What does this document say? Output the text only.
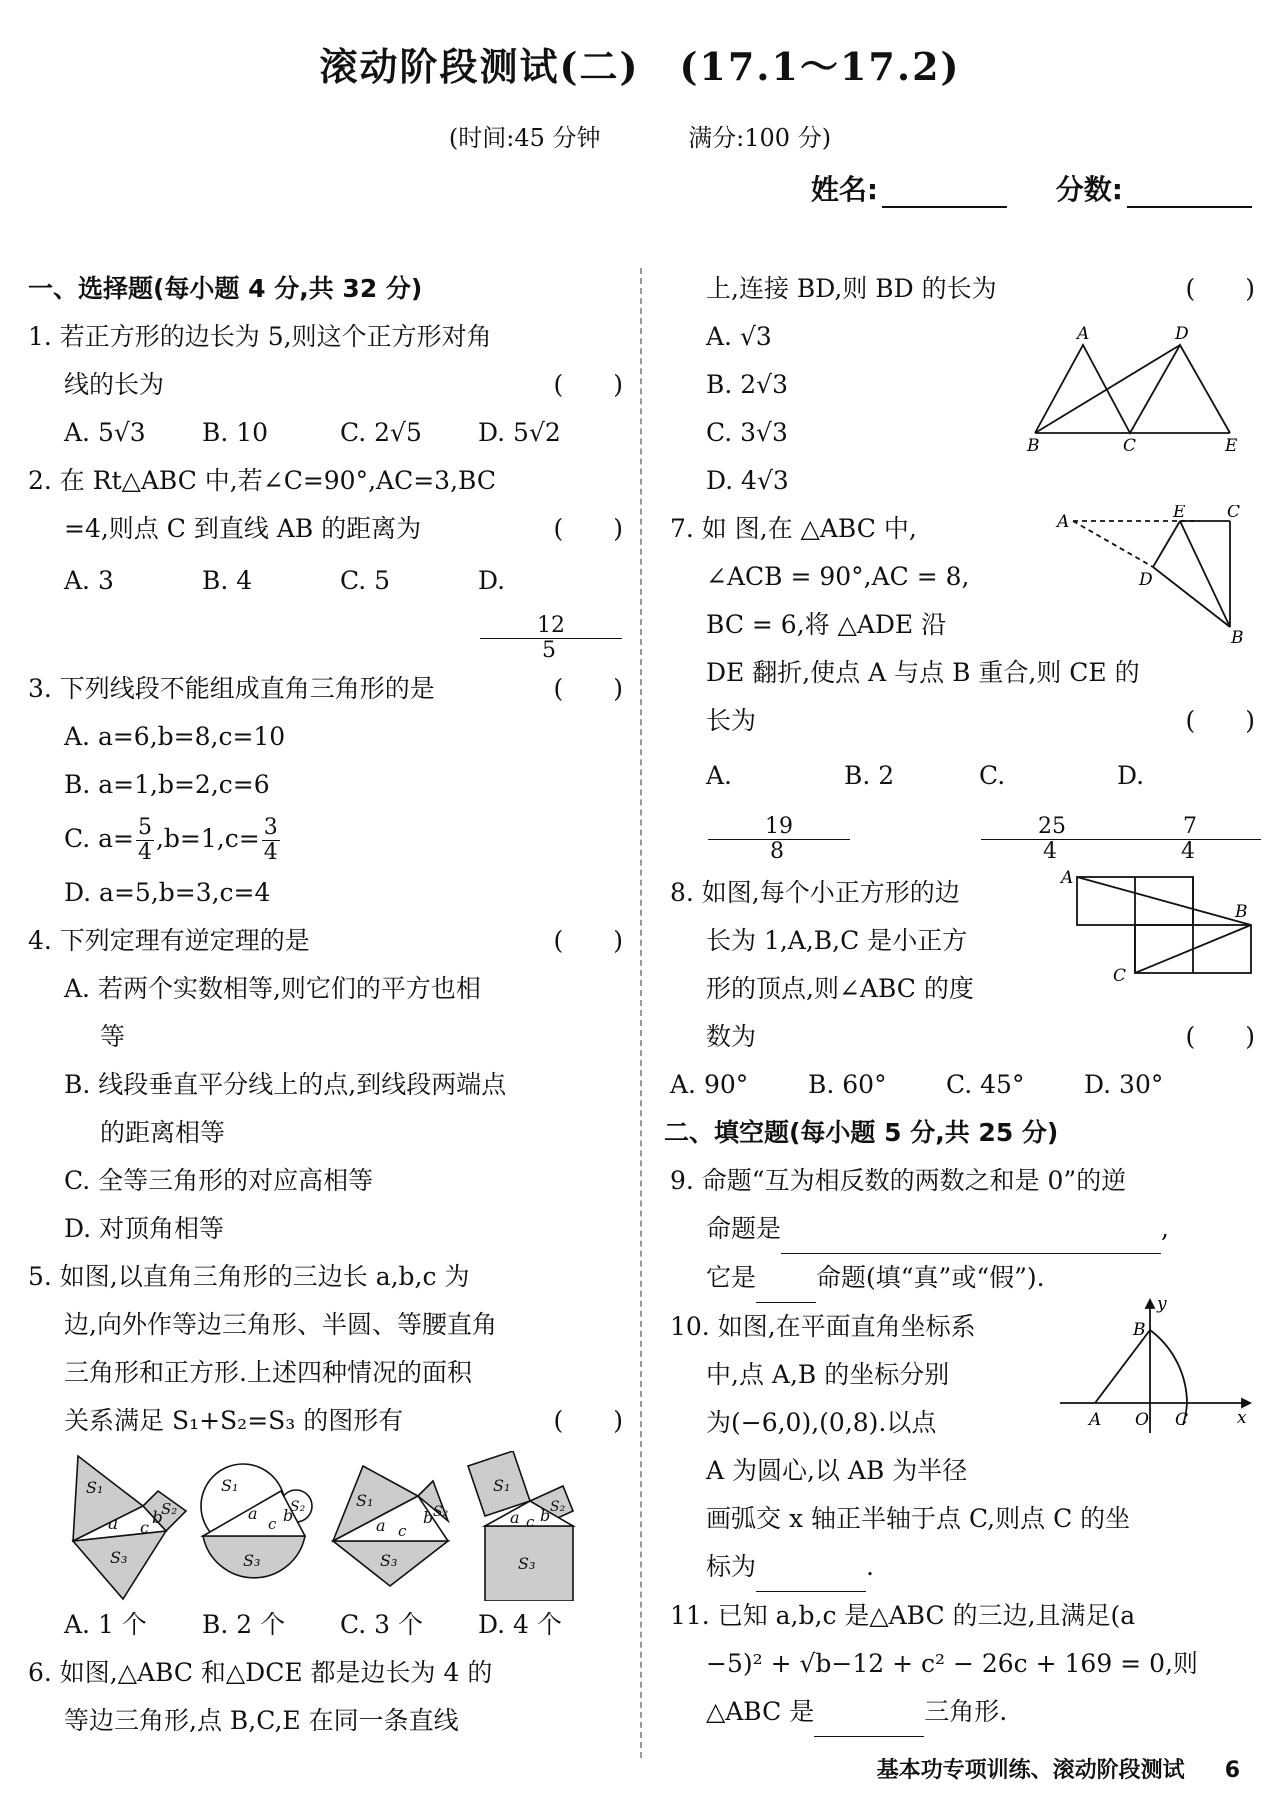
滚动阶段测试(二)　(17.1～17.2)
(时间:45 分钟	满分:100 分)
姓名:	分数:
一、选择题(每小题 4 分,共 32 分)
1. 若正方形的边长为 5,则这个正方形对角
线的长为	(　　)
A. 5√3	B. 10	C. 2√5	D. 5√2
2. 在 Rt△ABC 中,若∠C=90°,AC=3,BC
=4,则点 C 到直线 AB 的距离为	(　　)
A. 3	B. 4	C. 5	D.
$\frac{12}{5}$
3. 下列线段不能组成直角三角形的是	(　　)
A. a=6,b=8,c=10
B. a=1,b=2,c=6
C. $a= \frac{5}{4} ,b=1,c= \frac{3}{4}$
D. a=5,b=3,c=4
4. 下列定理有逆定理的是	(　　)
A. 若两个实数相等,则它们的平方也相
等
B. 线段垂直平分线上的点,到线段两端点
的距离相等
C. 全等三角形的对应高相等
D. 对顶角相等
5. 如图,以直角三角形的三边长 a,b,c 为
边,向外作等边三角形、半圆、等腰直角
三角形和正方形.上述四种情况的面积
关系满足 S₁+S₂=S₃ 的图形有	(　　)
S₁
S₂
S₃
a c b
S₁
S₂
S₃
a
c b
S₁
S₂
S₃
a c
b
S₁
S₂
S₃
a c b
A. 1 个	B. 2 个	C. 3 个	D. 4 个
6. 如图,△ABC 和△DCE 都是边长为 4 的
等边三角形,点 B,C,E 在同一条直线
上,连接 BD,则 BD 的长为	(　　)
A. √3
B. 2√3
C. 3√3
D. 4√3
A	D
B	C	E
7. 如 图,在 △ABC 中,
∠ACB = 90°,AC = 8,
BC = 6,将 △ADE 沿
DE 翻折,使点 A 与点 B 重合,则 CE 的
长为	(　　)
A.
$\frac{19}{8}$
B. 2	C.
$\frac{25}{4}$
D.
$\frac{7}{4}$
A	E C
D
B
8. 如图,每个小正方形的边
长为 1,A,B,C 是小正方
形的顶点,则∠ABC 的度
数为	(　　)
A. 90°	B. 60°	C. 45°	D. 30°
A
B
C
二、填空题(每小题 5 分,共 25 分)
9. 命题“互为相反数的两数之和是 0”的逆
命题是	,
它是 命题(填“真”或“假”).
10. 如图,在平面直角坐标系
中,点 A,B 的坐标分别
为(−6,0),(0,8).以点
A 为圆心,以 AB 为半径
画弧交 x 轴正半轴于点 C,则点 C 的坐
标为	.
y
x
B
A O C
11. 已知 a,b,c 是△ABC 的三边,且满足(a
−5)² + √b−12 + c² − 26c + 169 = 0,则
△ABC 是	三角形.
基本功专项训练、滚动阶段测试 6
